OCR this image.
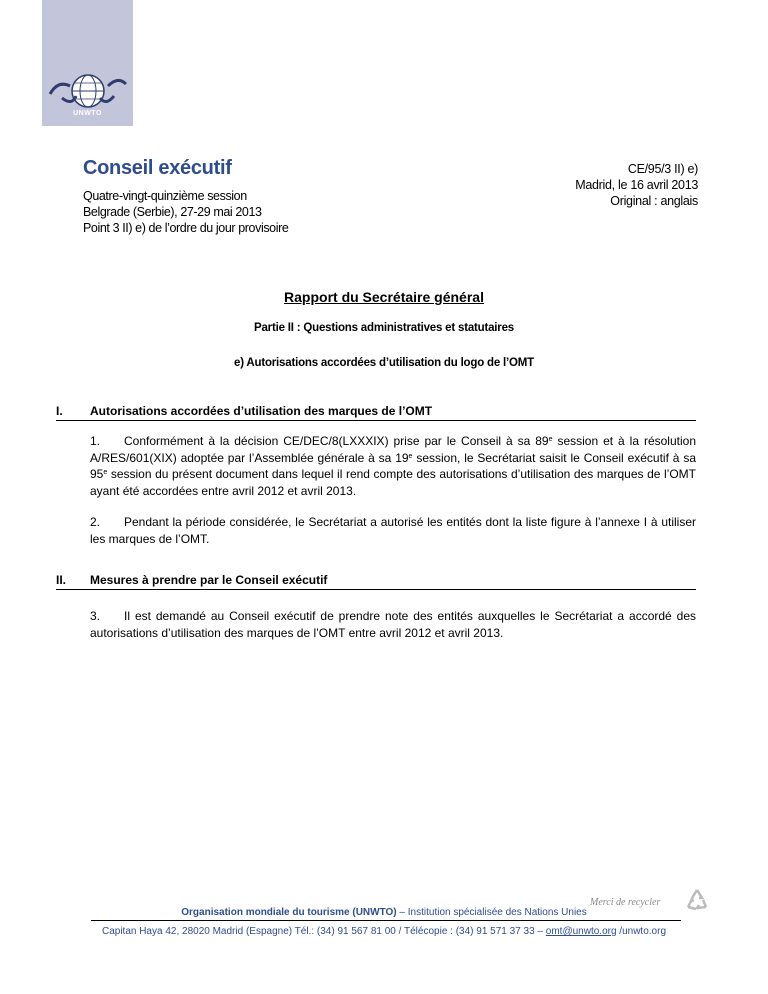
UNWTO
Conseil exécutif
Quatre-vingt-quinzième session
Belgrade (Serbie), 27-29 mai 2013
Point 3 II) e) de l’ordre du jour provisoire
CE/95/3 II) e)
Madrid, le 16 avril 2013
Original : anglais
Rapport du Secrétaire général
Partie II : Questions administratives et statutaires
e) Autorisations accordées d’utilisation du logo de l’OMT
I.	Autorisations accordées d’utilisation des marques de l’OMT
1. Conformément à la décision CE/DEC/8(LXXXIX) prise par le Conseil à sa 89e session et à la résolution A/RES/601(XIX) adoptée par l’Assemblée générale à sa 19e session, le Secrétariat saisit le Conseil exécutif à sa 95e session du présent document dans lequel il rend compte des autorisations d’utilisation des marques de l’OMT ayant été accordées entre avril 2012 et avril 2013.
2. Pendant la période considérée, le Secrétariat a autorisé les entités dont la liste figure à l’annexe I à utiliser les marques de l’OMT.
II.	Mesures à prendre par le Conseil exécutif
3. Il est demandé au Conseil exécutif de prendre note des entités auxquelles le Secrétariat a accordé des autorisations d’utilisation des marques de l’OMT entre avril 2012 et avril 2013.
Merci de recycler
Organisation mondiale du tourisme (UNWTO) – Institution spécialisée des Nations Unies
Capitan Haya 42, 28020 Madrid (Espagne) Tél.: (34) 91 567 81 00 / Télécopie : (34) 91 571 37 33 – omt@unwto.org /unwto.org
